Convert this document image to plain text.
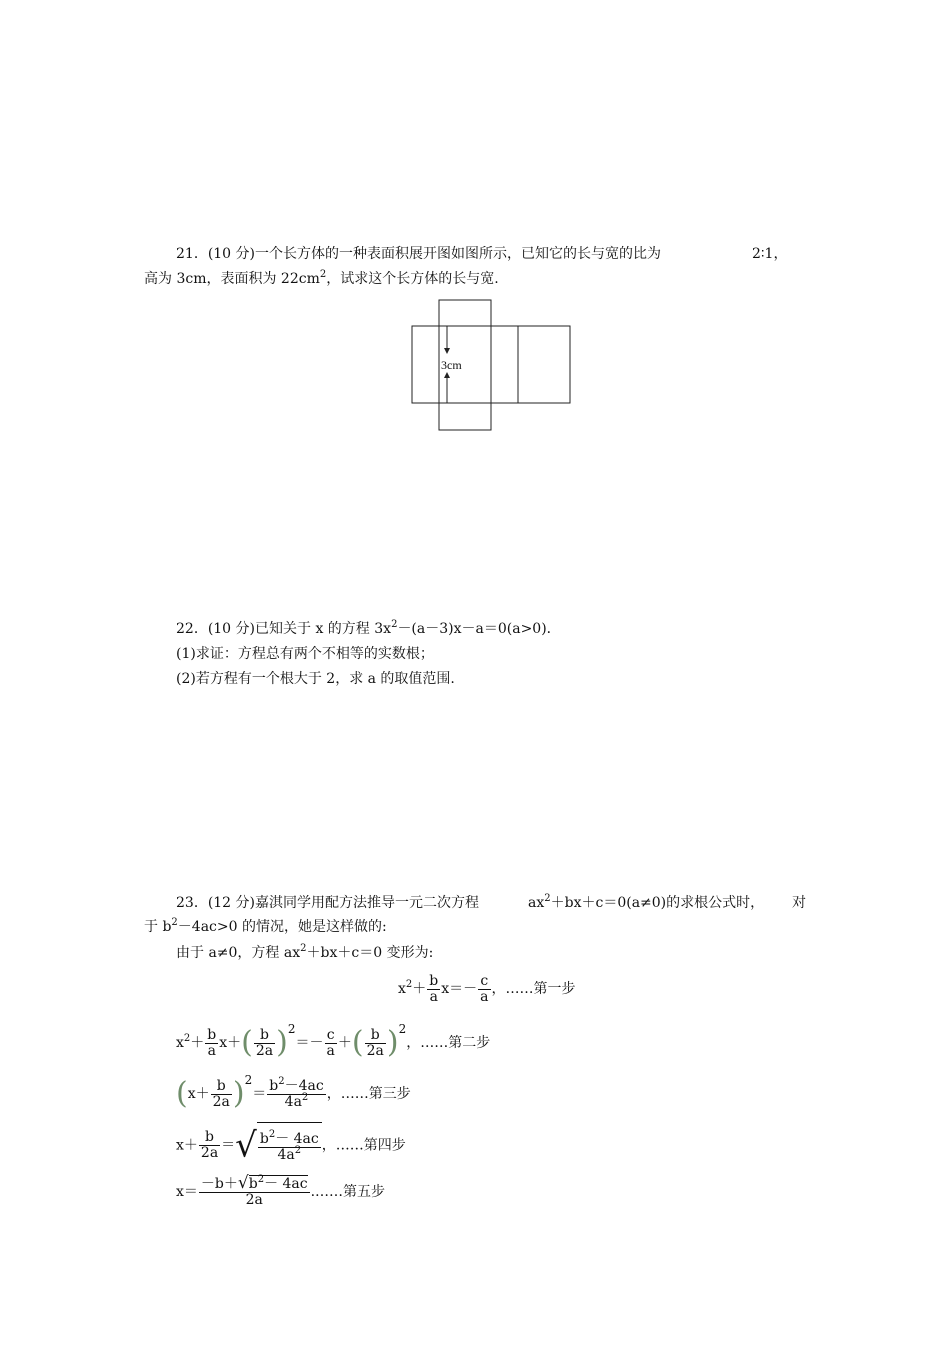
21．(10 分)一个长方体的一种表面积展开图如图所示，已知它的长与宽的比为	2∶1，
高为 3cm，表面积为 $22cm^2$，试求这个长方体的长与宽.
3cm
22．(10 分)已知关于 x 的方程 $3x^2-(a-3)x-a=0(a>0)$．
(1)求证：方程总有两个不相等的实数根；
(2)若方程有一个根大于 2，求 a 的取值范围.
23．(12 分)嘉淇同学用配方法推导一元二次方程	$ax^2+bx+c=0(a\ne 0)$的求根公式时， 对
于 $b^2-4ac>0$ 的情况，她是这样做的:
由于 a≠0，方程 $ax^2+bx+c=0$ 变形为:
$x^2+ \frac{b}{a} x=- \frac{c}{a}$ ，……第一步
$x^2+ \frac{b}{a} x+( \frac{b}{2a} )^2=- \frac{c}{a}$ ＋( $\frac{b}{2a} )^2$，……第二步
$(x+ \frac{b}{2a} )^2= \frac{b^2-4ac}{4a^2}$ ，……第三步
$x+ \frac{b}{2a}$ ＝√ $\frac{b^2- 4ac}{4a^2}$ ，……第四步
$x= \frac{-b+√b^2- 4ac}{2a}$ .……第五步
